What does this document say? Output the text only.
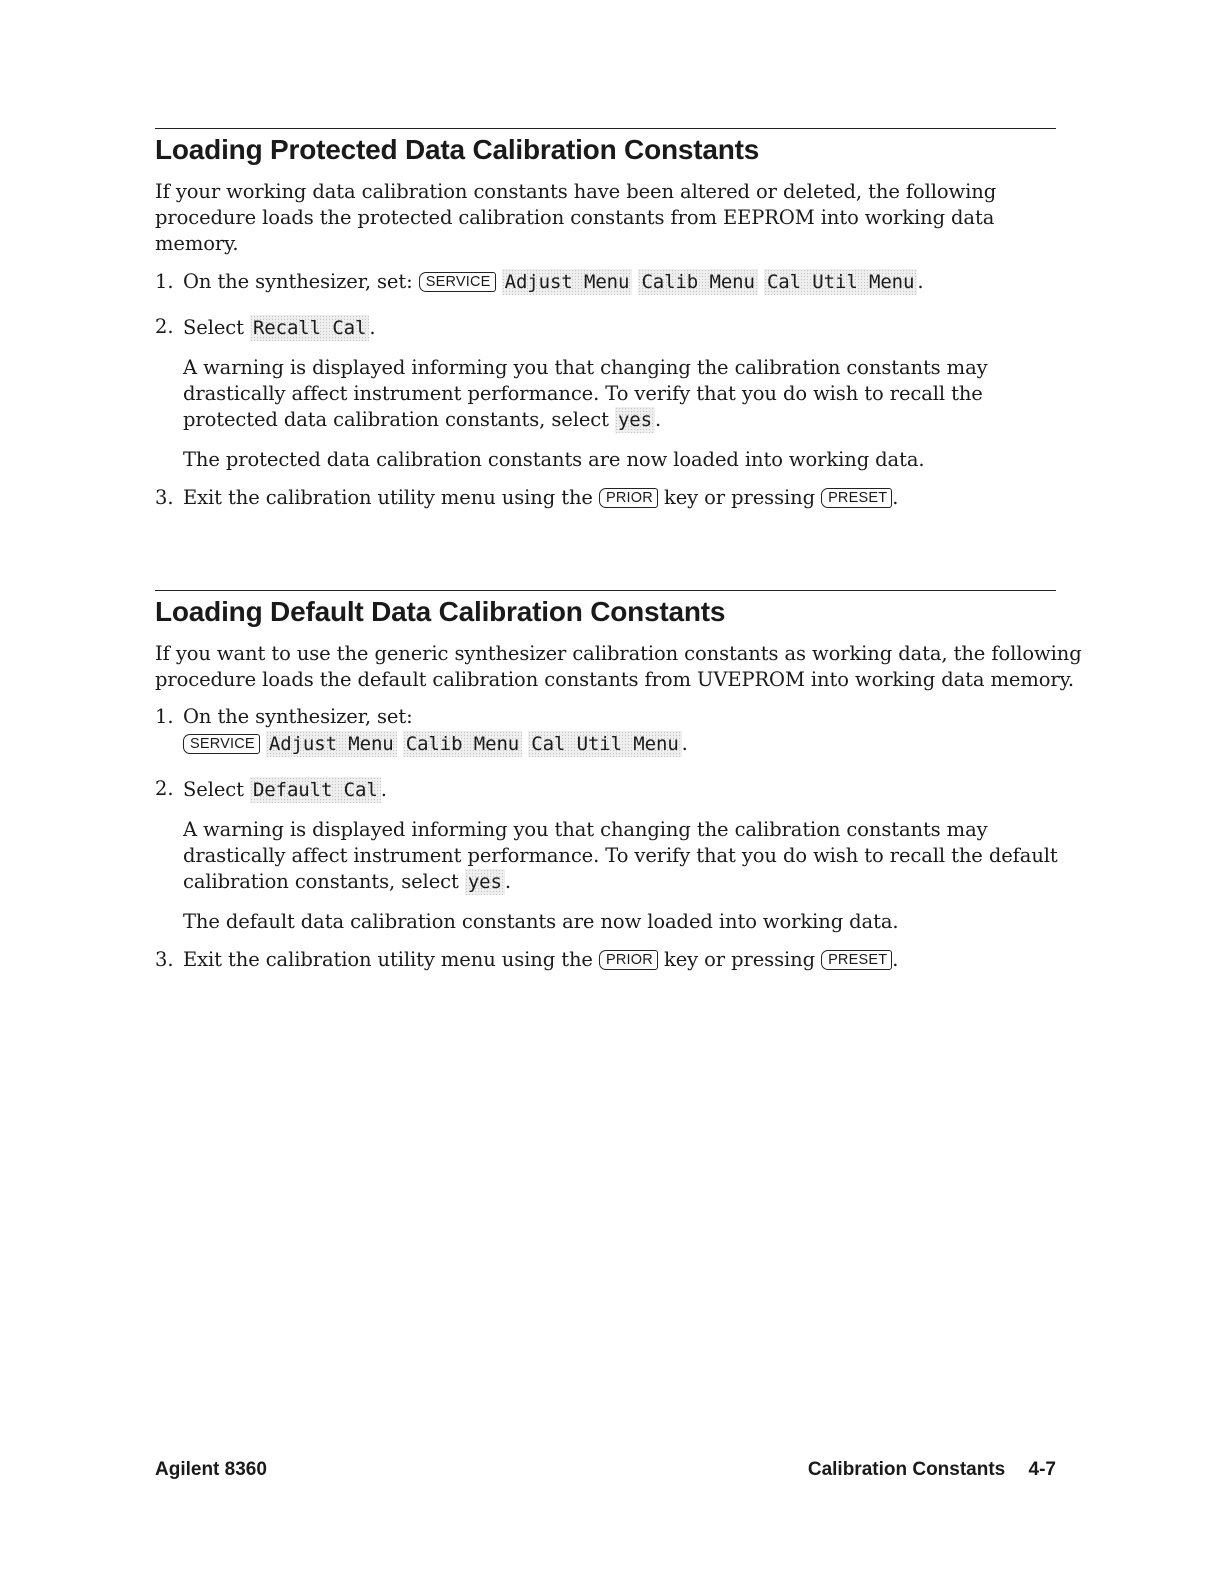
Loading Protected Data Calibration Constants
If your working data calibration constants have been altered or deleted, the following
procedure loads the protected calibration constants from EEPROM into working data
memory.
1. On the synthesizer, set: SERVICE Adjust Menu Calib Menu Cal Util Menu .
2. Select Recall Cal .
A warning is displayed informing you that changing the calibration constants may
drastically affect instrument performance. To verify that you do wish to recall the
protected data calibration constants, select yes .
The protected data calibration constants are now loaded into working data.
3. Exit the calibration utility menu using the PRIOR key or pressing PRESET .
Loading Default Data Calibration Constants
If you want to use the generic synthesizer calibration constants as working data, the following
procedure loads the default calibration constants from UVEPROM into working data memory.
1. On the synthesizer, set:
SERVICE Adjust Menu Calib Menu Cal Util Menu .
2. Select Default Cal .
A warning is displayed informing you that changing the calibration constants may
drastically affect instrument performance. To verify that you do wish to recall the default
calibration constants, select yes .
The default data calibration constants are now loaded into working data.
3. Exit the calibration utility menu using the PRIOR key or pressing PRESET .
Agilent 8360	Calibration Constants 4-7
